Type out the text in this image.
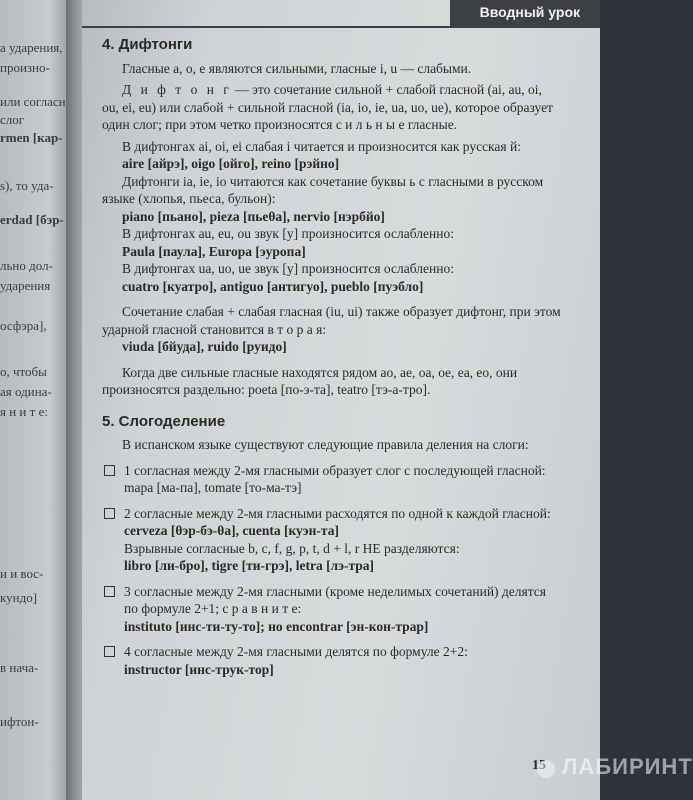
а ударения,
произно-
или согласн
слог
rmen [кар-
s), то уда-
erdad [бэр-
льно дол-
ударения
осфэра],
о, чтобы
ая одина-
я н и т е:
и и вос-
кундо]
в нача-
ифтон-
Вводный урок
4. Дифтонги

Гласные a, o, e являются сильными, гласные i, u — слабыми.

Д и ф т о н г — это сочетание сильной + слабой гласной (ai, au, oi, ou, ei, eu) или слабой + сильной гласной (ia, io, ie, ua, uo, ue), которое образует один слог; при этом четко произносятся с и л ь н ы е гласные.

В дифтонгах ai, oi, ei слабая i читается и произносится как русская й:

aire [айрэ], oigo [ойго], reino [рэйно]

Дифтонги ia, ie, io читаются как сочетание буквы ь с гласными в русском языке (хлопья, пьеса, бульон):

piano [пьано], pieza [пьеθа], nervio [нэрбйо]

В дифтонгах au, eu, ou звук [у] произносится ослабленно:

Paula [паула], Europa [эуропа]

В дифтонгах ua, uo, ue звук [у] произносится ослабленно:

cuatro [куатро], antiguo [антигуо], pueblo [пуэбло]

Сочетание слабая + слабая гласная (iu, ui) также образует дифтонг, при этом ударной гласной становится в т о р а я:

viuda [бйуда], ruido [руидо]

Когда две сильные гласные находятся рядом ao, ae, oa, oe, ea, eo, они произносятся раздельно: poeta [по-э-та], teatro [тэ-а-тро].

5. Слогоделение

В испанском языке существуют следующие правила деления на слоги:

1 согласная между 2-мя гласными образует слог с последующей гласной: mapa [ма-па], tomate [то-ма-тэ]

2 согласные между 2-мя гласными расходятся по одной к каждой гласной:

cerveza [θэр-бэ-θа], cuenta [куэн-та]

Взрывные согласные b, c, f, g, p, t, d + l, r НЕ разделяются:

libro [ли-бро], tigre [ти-грэ], letra [лэ-тра]

3 согласные между 2-мя гласными (кроме неделимых сочетаний) делятся по формуле 2+1; с р а в н и т е:

instituto [инс-ти-ту-то]; но encontrar [эн-кон-трар]

4 согласные между 2-мя гласными делятся по формуле 2+2:

instructor [инс-трук-тор]

15 ЛАБИРИНТ
